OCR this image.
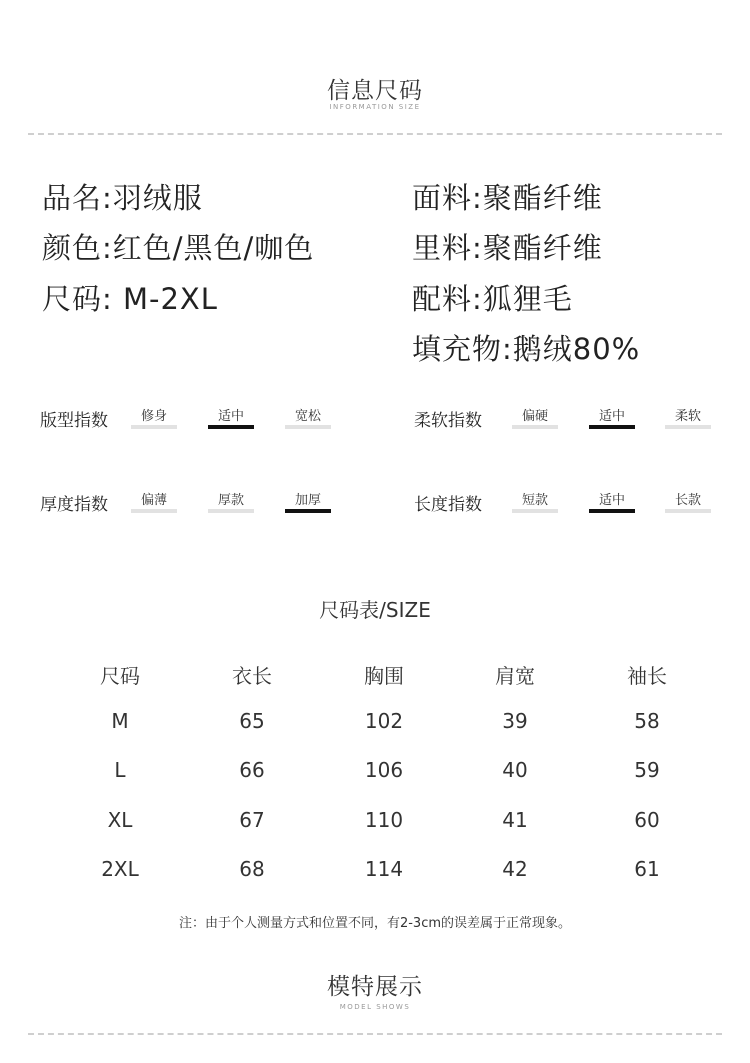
信息尺码
INFORMATION SIZE
品名:羽绒服
颜色:红色/黑色/咖色
尺码: M-2XL
面料:聚酯纤维
里料:聚酯纤维
配料:狐狸毛
填充物:鹅绒80%
版型指数	修身	适中	宽松	柔软指数	偏硬	适中	柔软
厚度指数	偏薄	厚款	加厚	长度指数	短款	适中	长款
尺码表/SIZE
尺码	衣长	胸围	肩宽	袖长
M	65	102	39	58
L	66	106	40	59
XL	67	110	41	60
2XL	68	114	42	61
注：由于个人测量方式和位置不同，有2-3cm的误差属于正常现象。
模特展示
MODEL SHOWS
